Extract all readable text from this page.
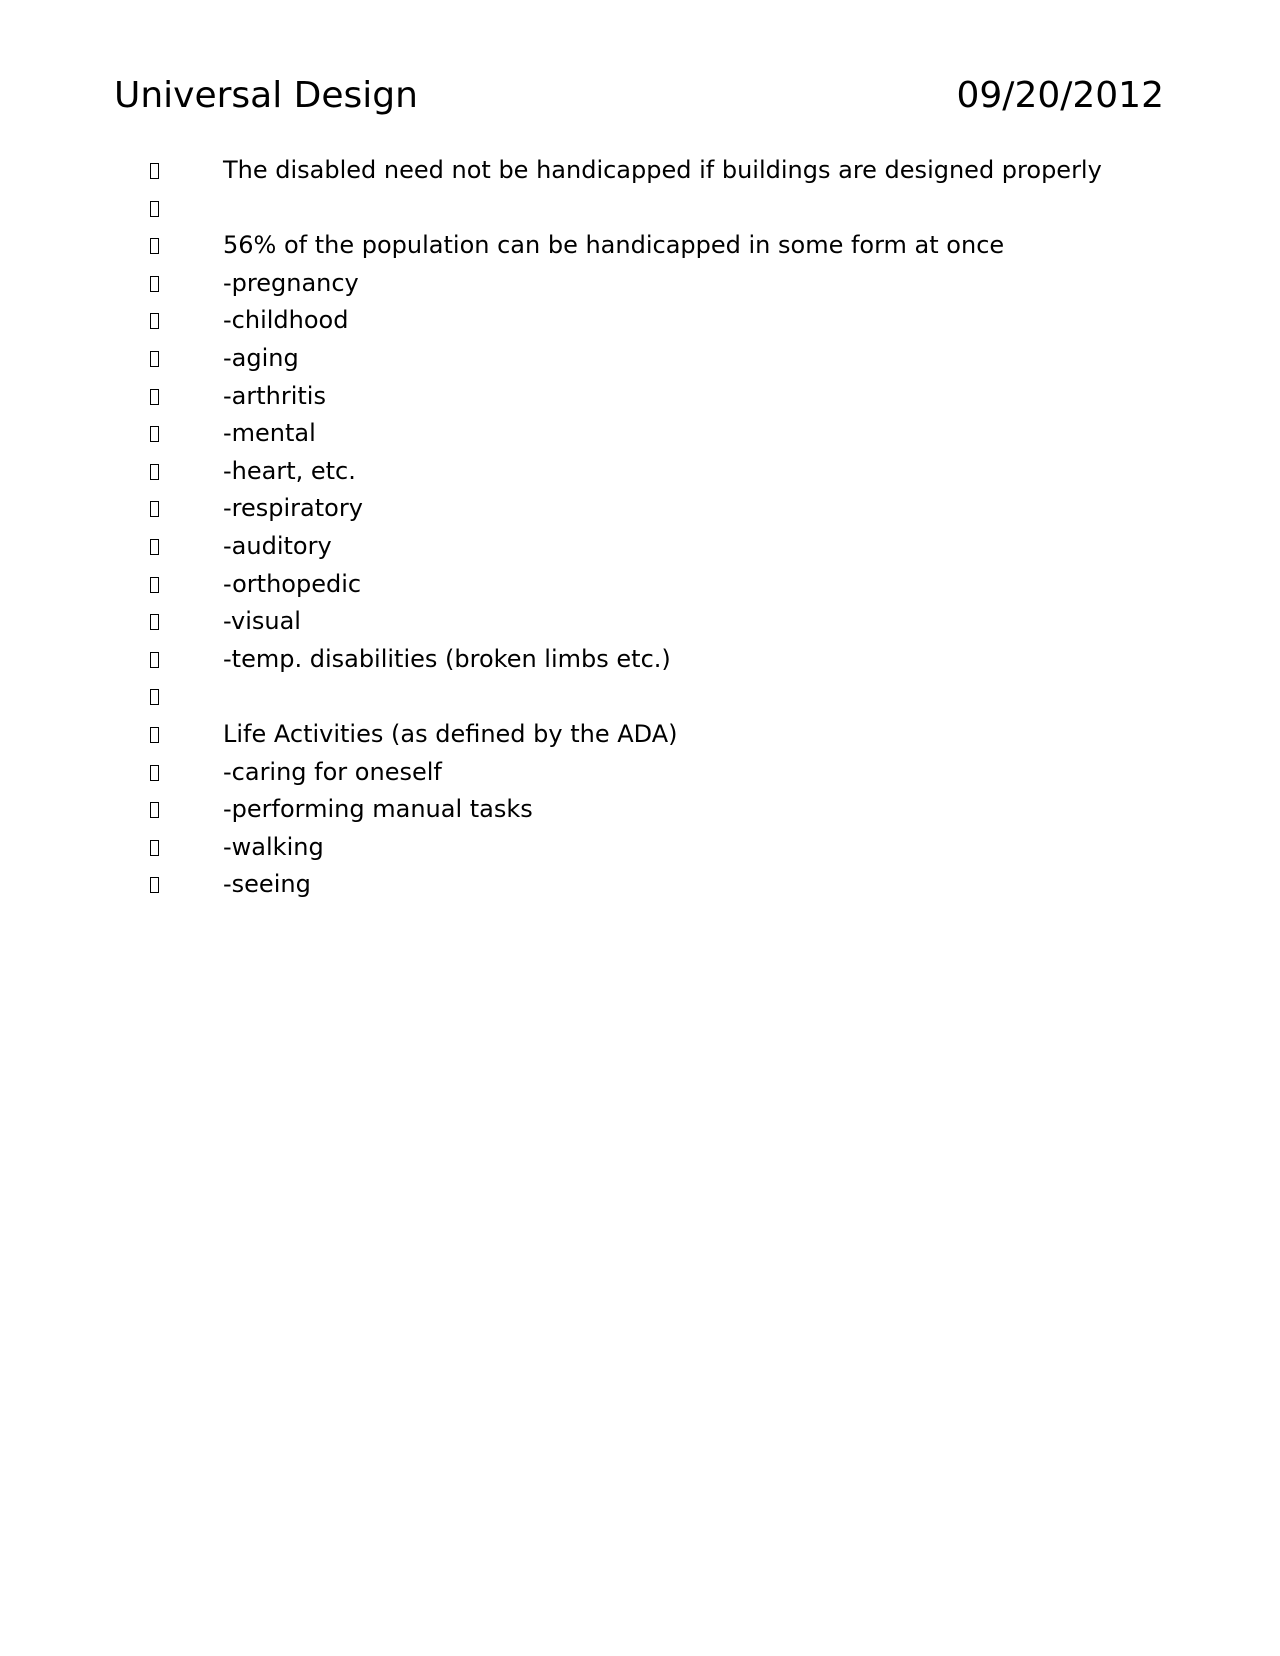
Universal Design	09/20/2012
The disabled need not be handicapped if buildings are designed properly
56% of the population can be handicapped in some form at once
-pregnancy
-childhood
-aging
-arthritis
-mental
-heart, etc.
-respiratory
-auditory
-orthopedic
-visual
-temp. disabilities (broken limbs etc.)
Life Activities (as defined by the ADA)
-caring for oneself
-performing manual tasks
-walking
-seeing
